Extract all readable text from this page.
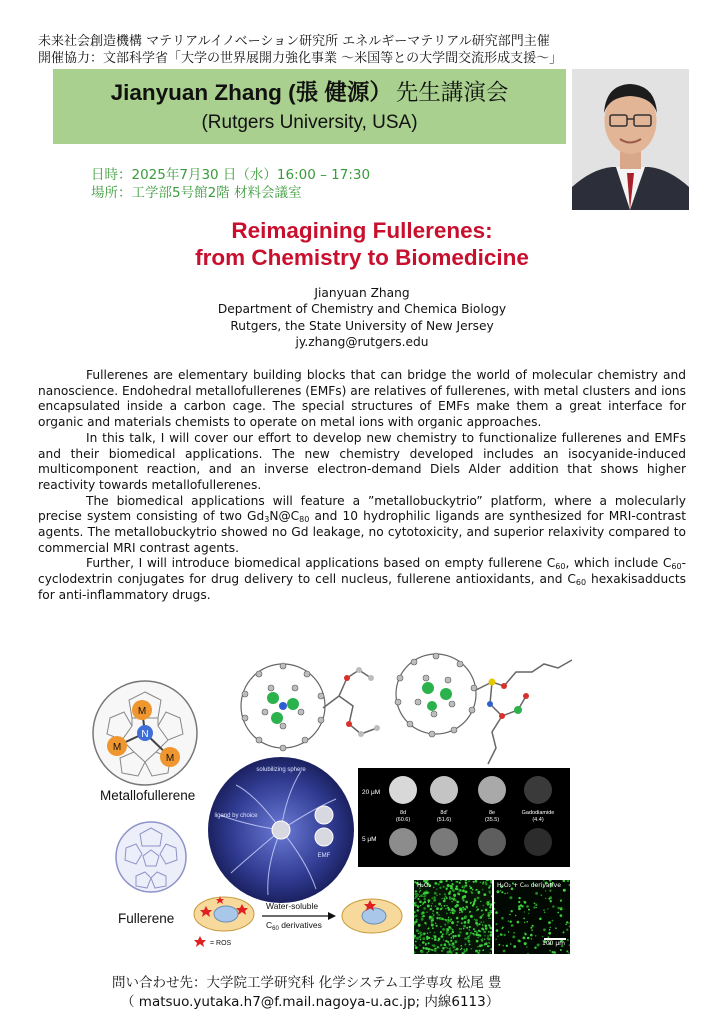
未来社会創造機構 マテリアルイノベーション研究所 エネルギーマテリアル研究部門主催
開催協力：文部科学省「大学の世界展開力強化事業 ～米国等との大学間交流形成支援～」
Jianyuan Zhang (張 健源） 先生講演会
(Rutgers University, USA)
日時：2025年7月30 日（水）16:00 – 17:30
場所：工学部5号館2階 材料会議室
Reimagining Fullerenes:
from Chemistry to Biomedicine
Jianyuan Zhang
Department of Chemistry and Chemica Biology
Rutgers, the State University of New Jersey
jy.zhang@rutgers.edu

Fullerenes are elementary building blocks that can bridge the world of molecular chemistry and nanoscience. Endohedral metallofullerenes (EMFs) are relatives of fullerenes, with metal clusters and ions encapsulated inside a carbon cage. The special structures of EMFs make them a great interface for organic and materials chemists to operate on metal ions with organic approaches.

In this talk, I will cover our effort to develop new chemistry to functionalize fullerenes and EMFs and their biomedical applications. The new chemistry developed includes an isocyanide-induced multicomponent reaction, and an inverse electron-demand Diels Alder addition that shows higher reactivity towards metallofullerenes.

The biomedical applications will feature a ”metallobuckytrio” platform, where a molecularly precise system consisting of two $Gd_3N@C_{80}$ and 10 hydrophilic ligands are synthesized for MRI-contrast agents. The metallobuckytrio showed no Gd leakage, no cytotoxicity, and superior relaxivity compared to commercial MRI contrast agents.

Further, I will introduce biomedical applications based on empty fullerene $C_{60}$, which include $C_{60}$-cyclodextrin conjugates for drug delivery to cell nucleus, fullerene antioxidants, and $C_{60}$ hexakisadducts for anti-inflammatory drugs.

M
M
M
N
Metallofullerene
Fullerene
solubilizing sphere
ligand by choice
EMF
20 μM
5 μM
8d
(60.6)
8d'
(51.6)
8e
(35.5)
Gadodiamide
(4.4)
= ROS
Water-soluble
$C_{60}$ derivatives
H₂O₂	H₂O₂ + C₆₀ derivative
100 μm
問い合わせ先：大学院工学研究科 化学システム工学専攻 松尾 豊
（ matsuo.yutaka.h7@f.mail.nagoya-u.ac.jp; 内線6113）
